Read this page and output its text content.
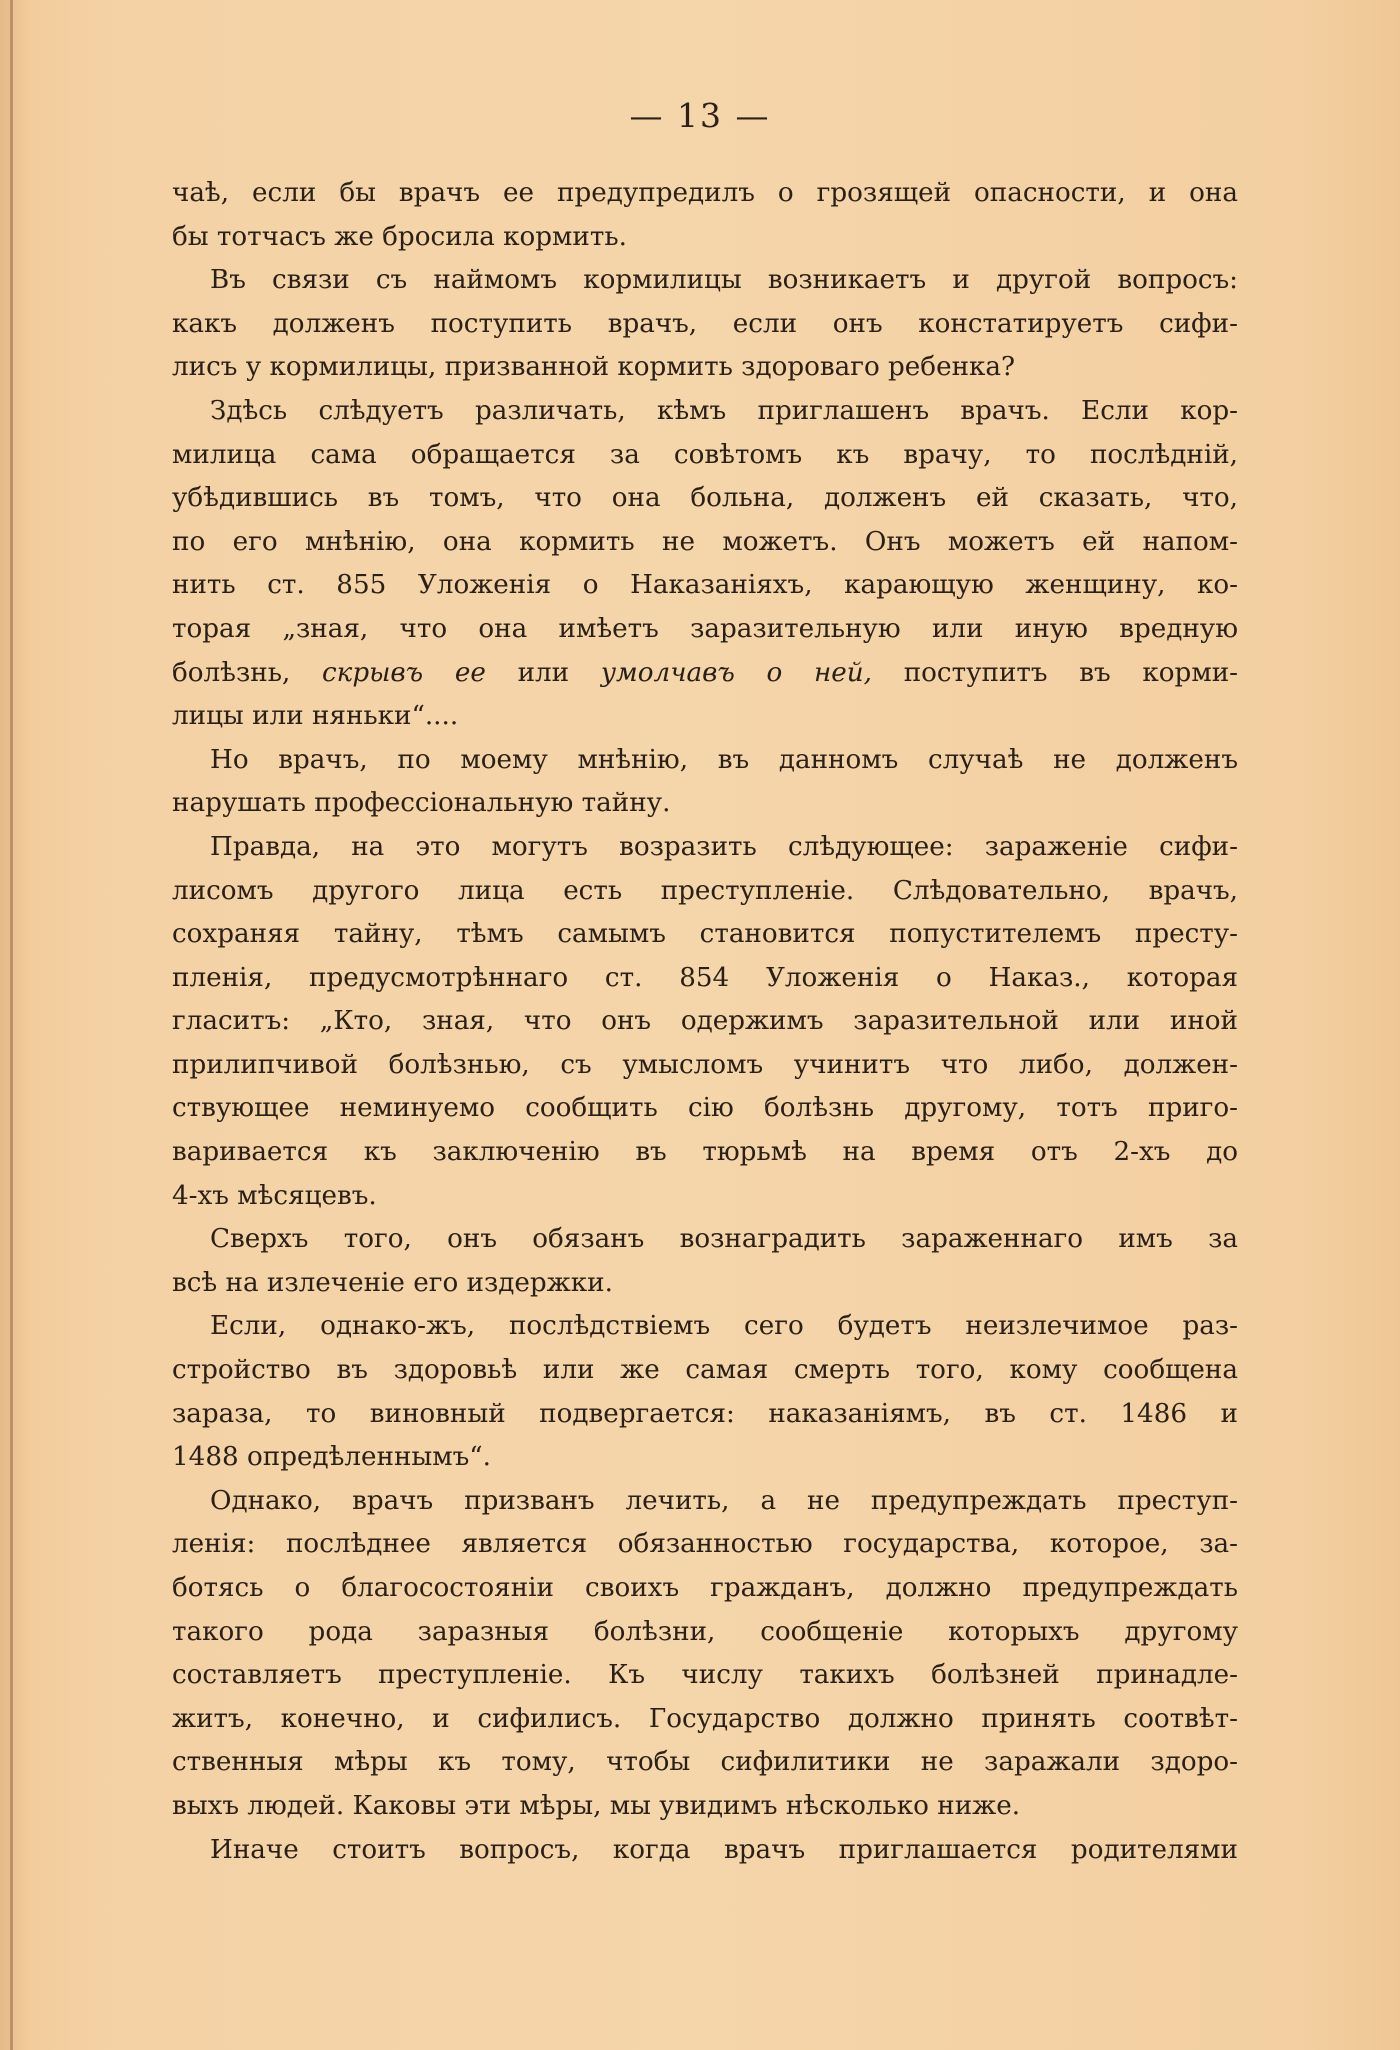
— 13 —
чаѣ, если бы врачъ ее предупредилъ о грозящей опасности, и она
бы тотчасъ же бросила кормить.
Въ связи съ наймомъ кормилицы возникаетъ и другой вопросъ:
какъ долженъ поступить врачъ, если онъ констатируетъ сифи-
лисъ у кормилицы, призванной кормить здороваго ребенка?
Здѣсь слѣдуетъ различать, кѣмъ приглашенъ врачъ. Если кор-
милица сама обращается за совѣтомъ къ врачу, то послѣдній,
убѣдившись въ томъ, что она больна, долженъ ей сказать, что,
по его мнѣнію, она кормить не можетъ. Онъ можетъ ей напом-
нить ст. 855 Уложенія о Наказаніяхъ, карающую женщину, ко-
торая „зная, что она имѣетъ заразительную или иную вредную
болѣзнь, скрывъ ее или умолчавъ о ней, поступитъ въ корми-
лицы или няньки“....
Но врачъ, по моему мнѣнію, въ данномъ случаѣ не долженъ
нарушать профессіональную тайну.
Правда, на это могутъ возразить слѣдующее: зараженіе сифи-
лисомъ другого лица есть преступленіе. Слѣдовательно, врачъ,
сохраняя тайну, тѣмъ самымъ становится попустителемъ престу-
пленія, предусмотрѣннаго ст. 854 Уложенія о Наказ., которая
гласитъ: „Кто, зная, что онъ одержимъ заразительной или иной
прилипчивой болѣзнью, съ умысломъ учинитъ что либо, должен-
ствующее неминуемо сообщить сію болѣзнь другому, тотъ приго-
варивается къ заключенію въ тюрьмѣ на время отъ 2-хъ до
4-хъ мѣсяцевъ.
Сверхъ того, онъ обязанъ вознаградить зараженнаго имъ за
всѣ на излеченіе его издержки.
Если, однако-жъ, послѣдствіемъ сего будетъ неизлечимое раз-
стройство въ здоровьѣ или же самая смерть того, кому сообщена
зараза, то виновный подвергается: наказаніямъ, въ ст. 1486 и
1488 опредѣленнымъ“.
Однако, врачъ призванъ лечить, а не предупреждать преступ-
ленія: послѣднее является обязанностью государства, которое, за-
ботясь о благосостояніи своихъ гражданъ, должно предупреждать
такого рода заразныя болѣзни, сообщеніе которыхъ другому
составляетъ преступленіе. Къ числу такихъ болѣзней принадле-
житъ, конечно, и сифилисъ. Государство должно принять соотвѣт-
ственныя мѣры къ тому, чтобы сифилитики не заражали здоро-
выхъ людей. Каковы эти мѣры, мы увидимъ нѣсколько ниже.
Иначе стоитъ вопросъ, когда врачъ приглашается родителями
